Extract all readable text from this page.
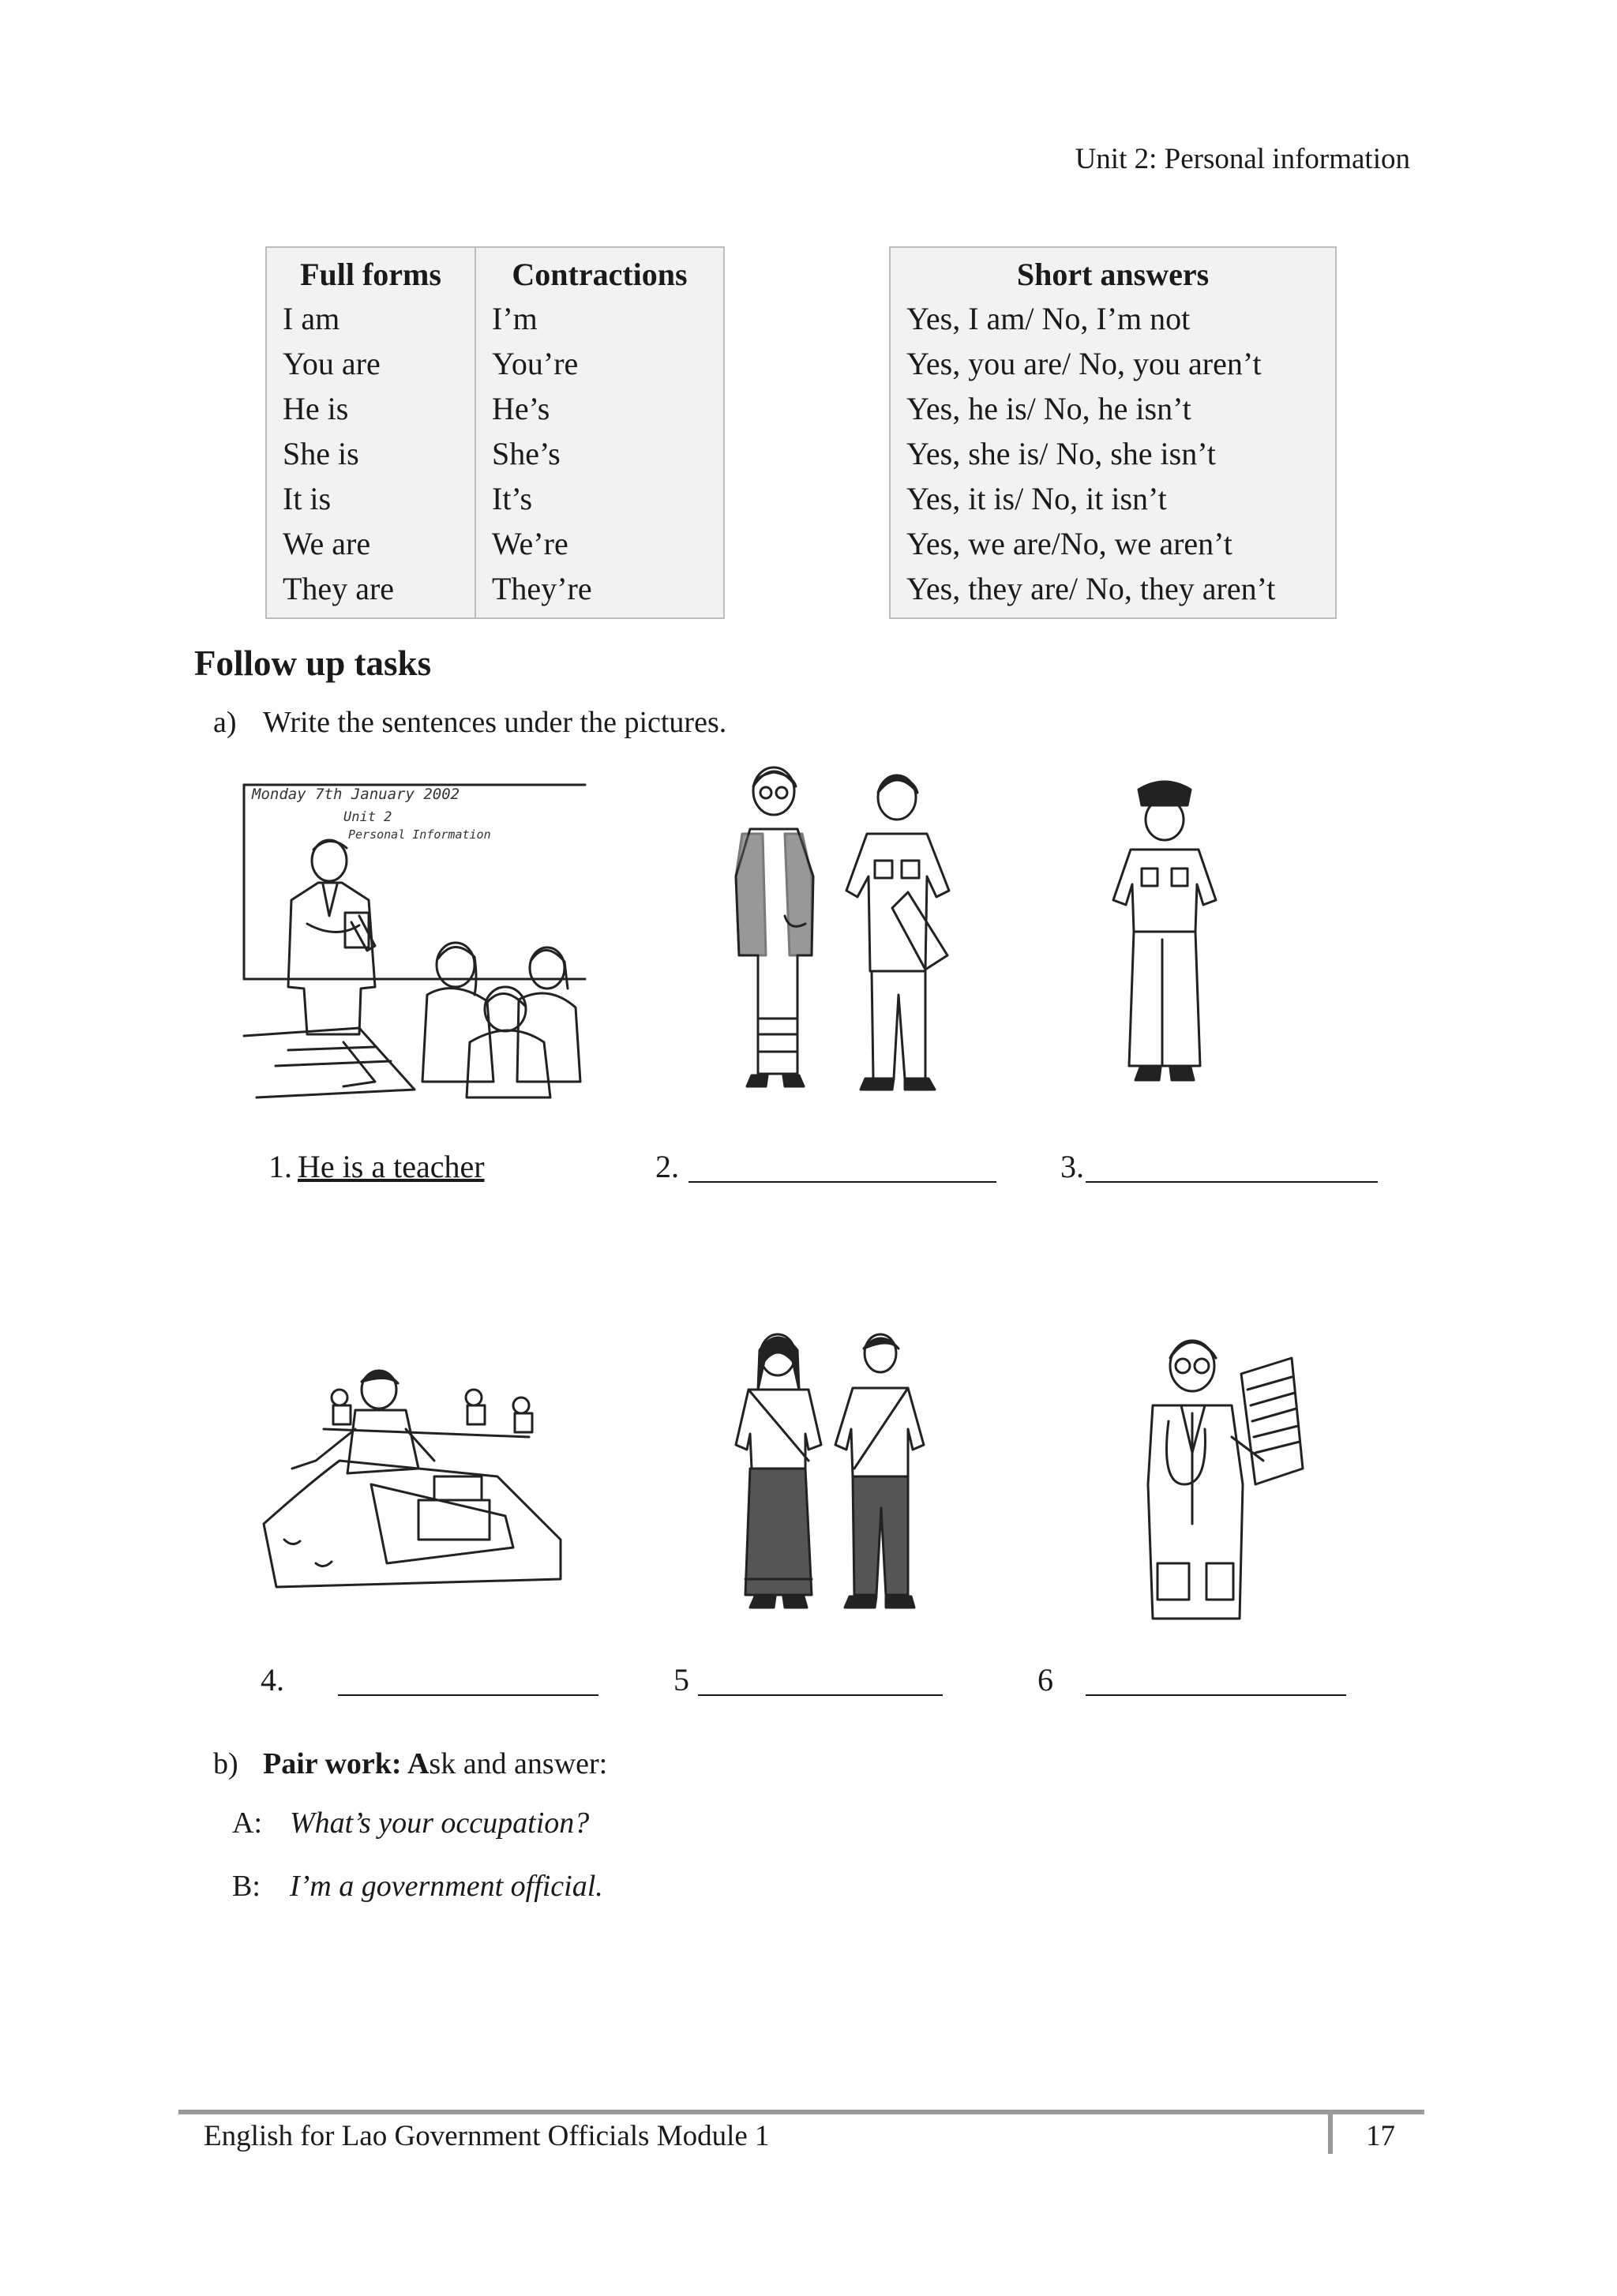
Unit 2: Personal information
Full forms	Contractions
I am	I’m
You are	You’re
He is	He’s
She is	She’s
It is	It’s
We are	We’re
They are	They’re
Short answers
Yes, I am/ No, I’m not
Yes, you are/ No, you aren’t
Yes, he is/ No, he isn’t
Yes, she is/ No, she isn’t
Yes, it is/ No, it isn’t
Yes, we are/No, we aren’t
Yes, they are/ No, they aren’t
Follow up tasks
a) Write the sentences under the pictures.
Monday 7th January 2002
Unit 2
Personal Information
1. He is a teacher	2.	3.
4.	5	6
b) Pair work: Ask and answer:
A: What’s your occupation?
B: I’m a government official.
English for Lao Government Officials Module 1	17
